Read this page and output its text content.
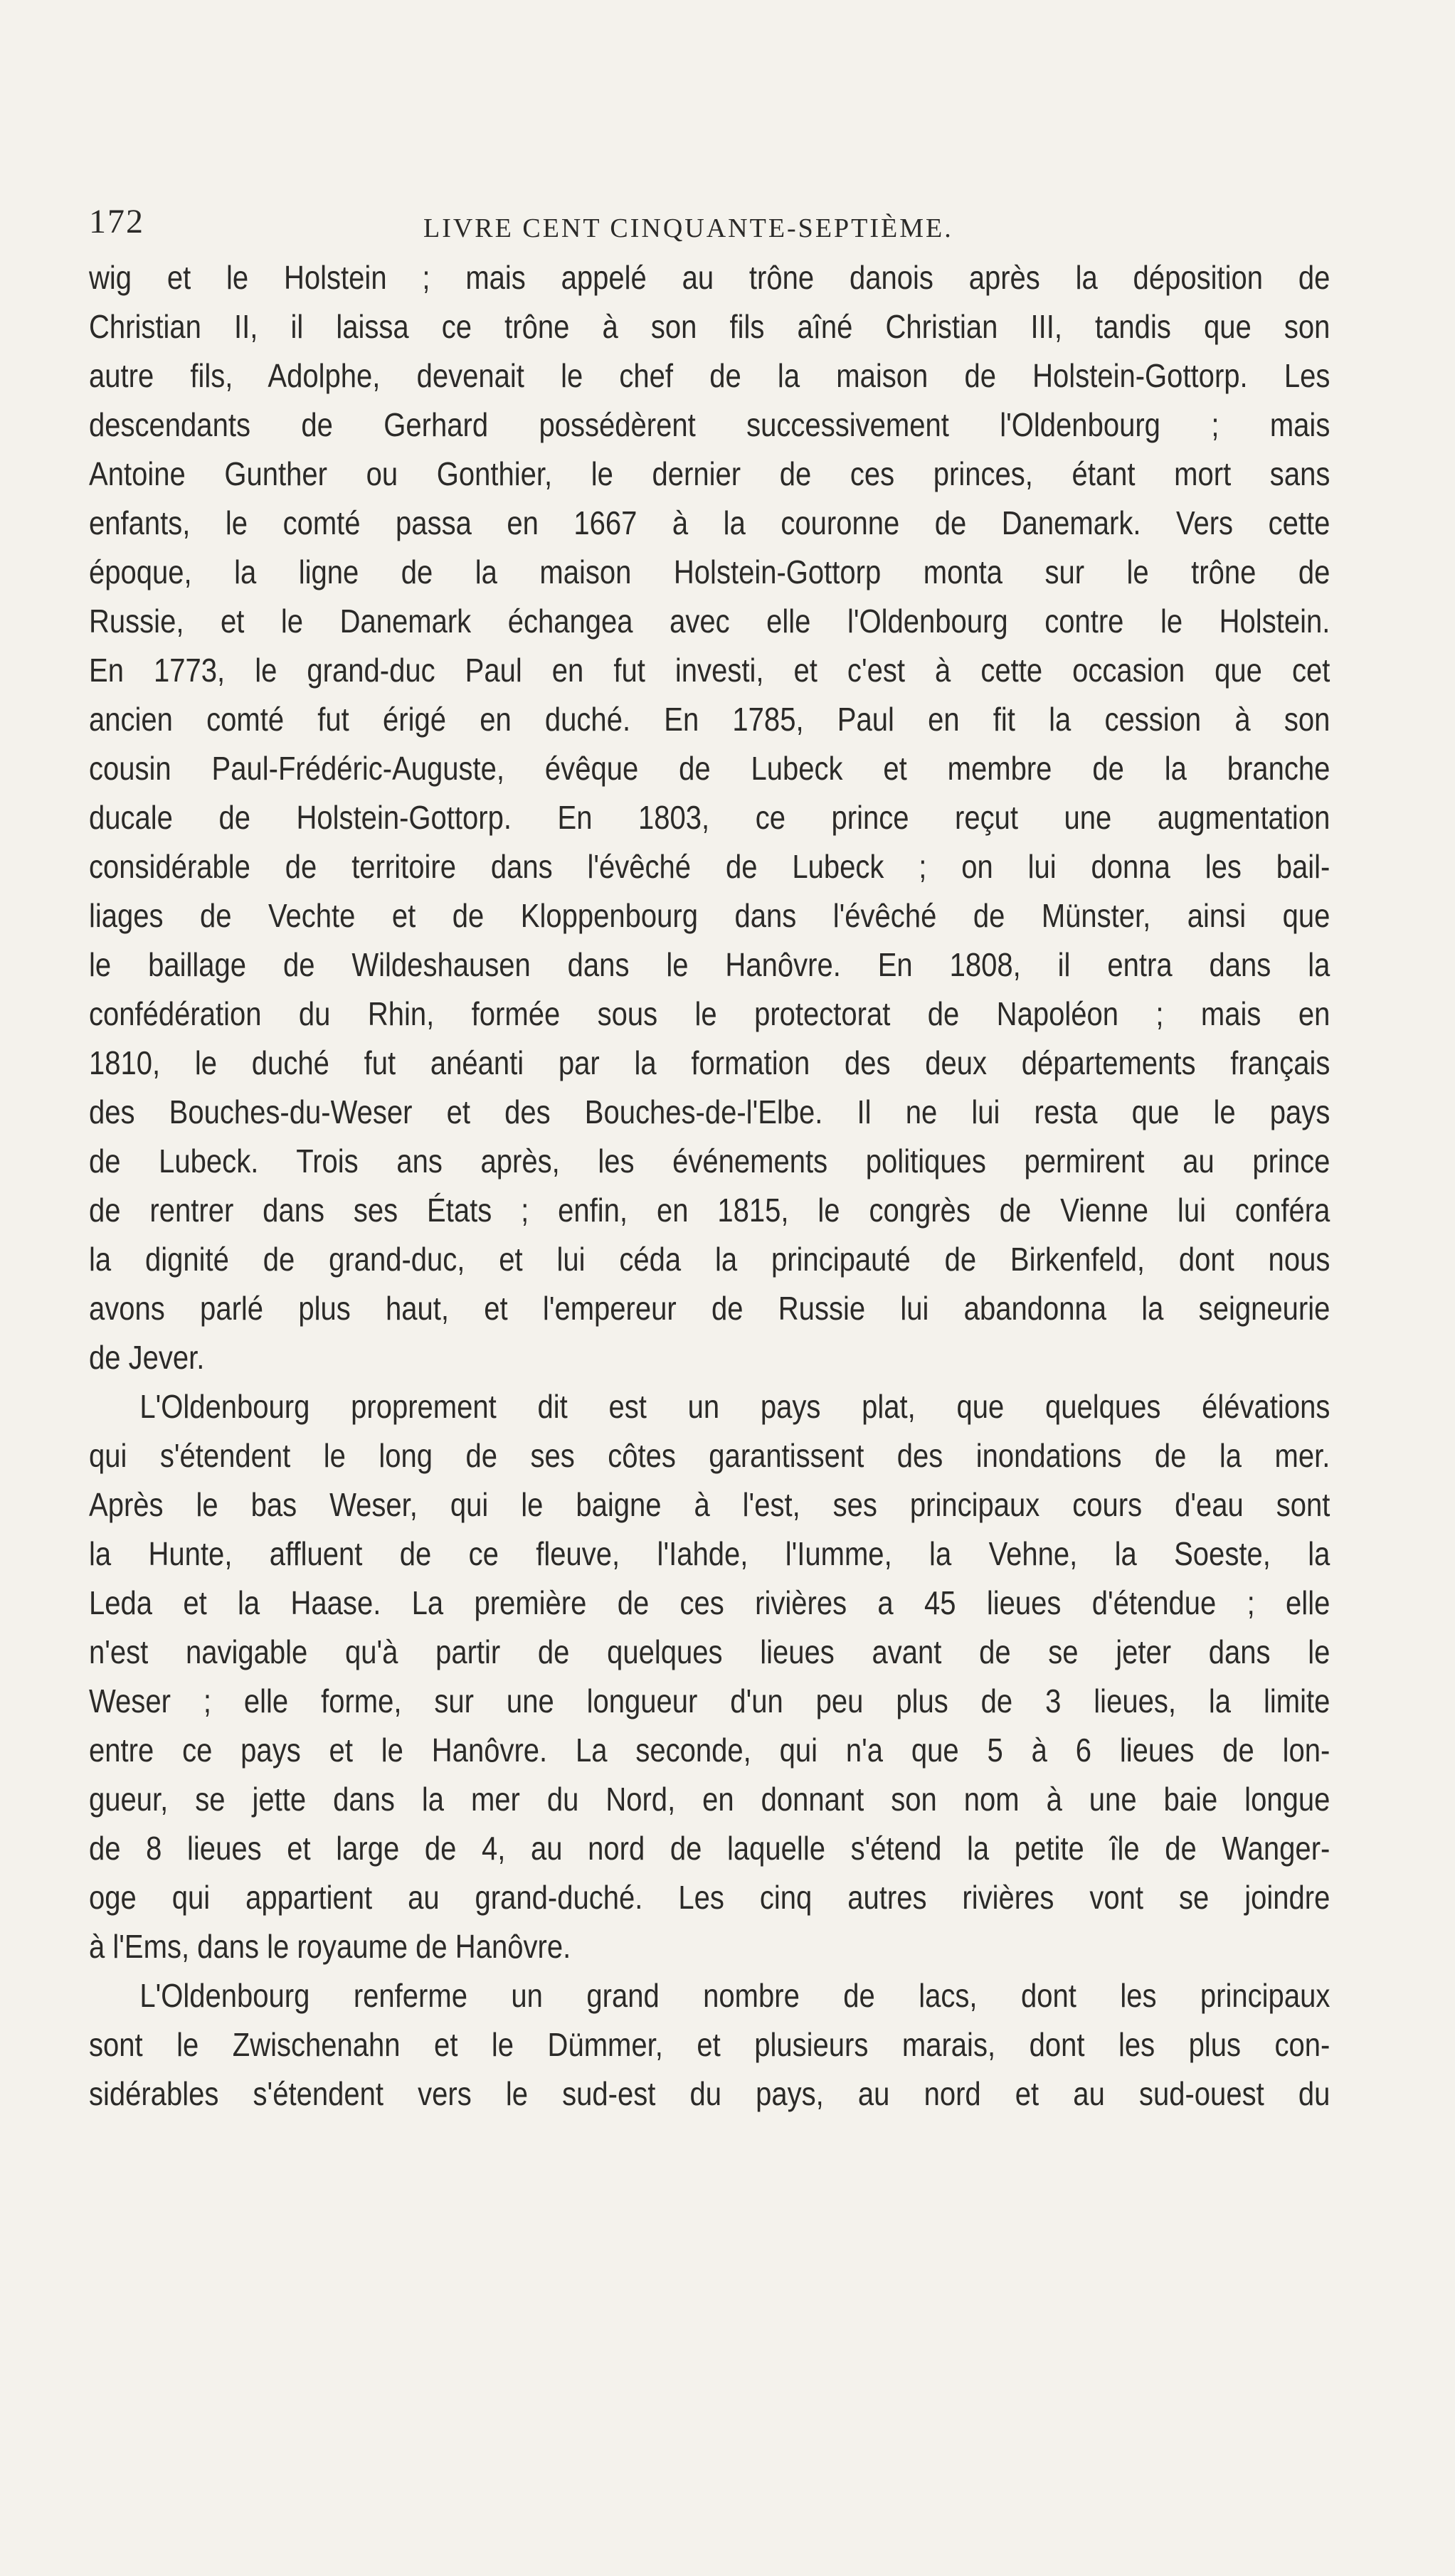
172	LIVRE CENT CINQUANTE-SEPTIÈME.

wig et le Holstein ; mais appelé au trône danois après la déposition de
Christian II, il laissa ce trône à son fils aîné Christian III, tandis que son
autre fils, Adolphe, devenait le chef de la maison de Holstein-Gottorp. Les
descendants de Gerhard possédèrent successivement l'Oldenbourg ; mais
Antoine Gunther ou Gonthier, le dernier de ces princes, étant mort sans
enfants, le comté passa en 1667 à la couronne de Danemark. Vers cette
époque, la ligne de la maison Holstein-Gottorp monta sur le trône de
Russie, et le Danemark échangea avec elle l'Oldenbourg contre le Holstein.
En 1773, le grand-duc Paul en fut investi, et c'est à cette occasion que cet
ancien comté fut érigé en duché. En 1785, Paul en fit la cession à son
cousin Paul-Frédéric-Auguste, évêque de Lubeck et membre de la branche
ducale de Holstein-Gottorp. En 1803, ce prince reçut une augmentation
considérable de territoire dans l'évêché de Lubeck ; on lui donna les bail-
liages de Vechte et de Kloppenbourg dans l'évêché de Münster, ainsi que
le baillage de Wildeshausen dans le Hanôvre. En 1808, il entra dans la
confédération du Rhin, formée sous le protectorat de Napoléon ; mais en
1810, le duché fut anéanti par la formation des deux départements français
des Bouches-du-Weser et des Bouches-de-l'Elbe. Il ne lui resta que le pays
de Lubeck. Trois ans après, les événements politiques permirent au prince
de rentrer dans ses États ; enfin, en 1815, le congrès de Vienne lui conféra
la dignité de grand-duc, et lui céda la principauté de Birkenfeld, dont nous
avons parlé plus haut, et l'empereur de Russie lui abandonna la seigneurie
de Jever.

L'Oldenbourg proprement dit est un pays plat, que quelques élévations
qui s'étendent le long de ses côtes garantissent des inondations de la mer.
Après le bas Weser, qui le baigne à l'est, ses principaux cours d'eau sont
la Hunte, affluent de ce fleuve, l'Iahde, l'Iumme, la Vehne, la Soeste, la
Leda et la Haase. La première de ces rivières a 45 lieues d'étendue ; elle
n'est navigable qu'à partir de quelques lieues avant de se jeter dans le
Weser ; elle forme, sur une longueur d'un peu plus de 3 lieues, la limite
entre ce pays et le Hanôvre. La seconde, qui n'a que 5 à 6 lieues de lon-
gueur, se jette dans la mer du Nord, en donnant son nom à une baie longue
de 8 lieues et large de 4, au nord de laquelle s'étend la petite île de Wanger-
oge qui appartient au grand-duché. Les cinq autres rivières vont se joindre
à l'Ems, dans le royaume de Hanôvre.

L'Oldenbourg renferme un grand nombre de lacs, dont les principaux
sont le Zwischenahn et le Dümmer, et plusieurs marais, dont les plus con-
sidérables s'étendent vers le sud-est du pays, au nord et au sud-ouest du
